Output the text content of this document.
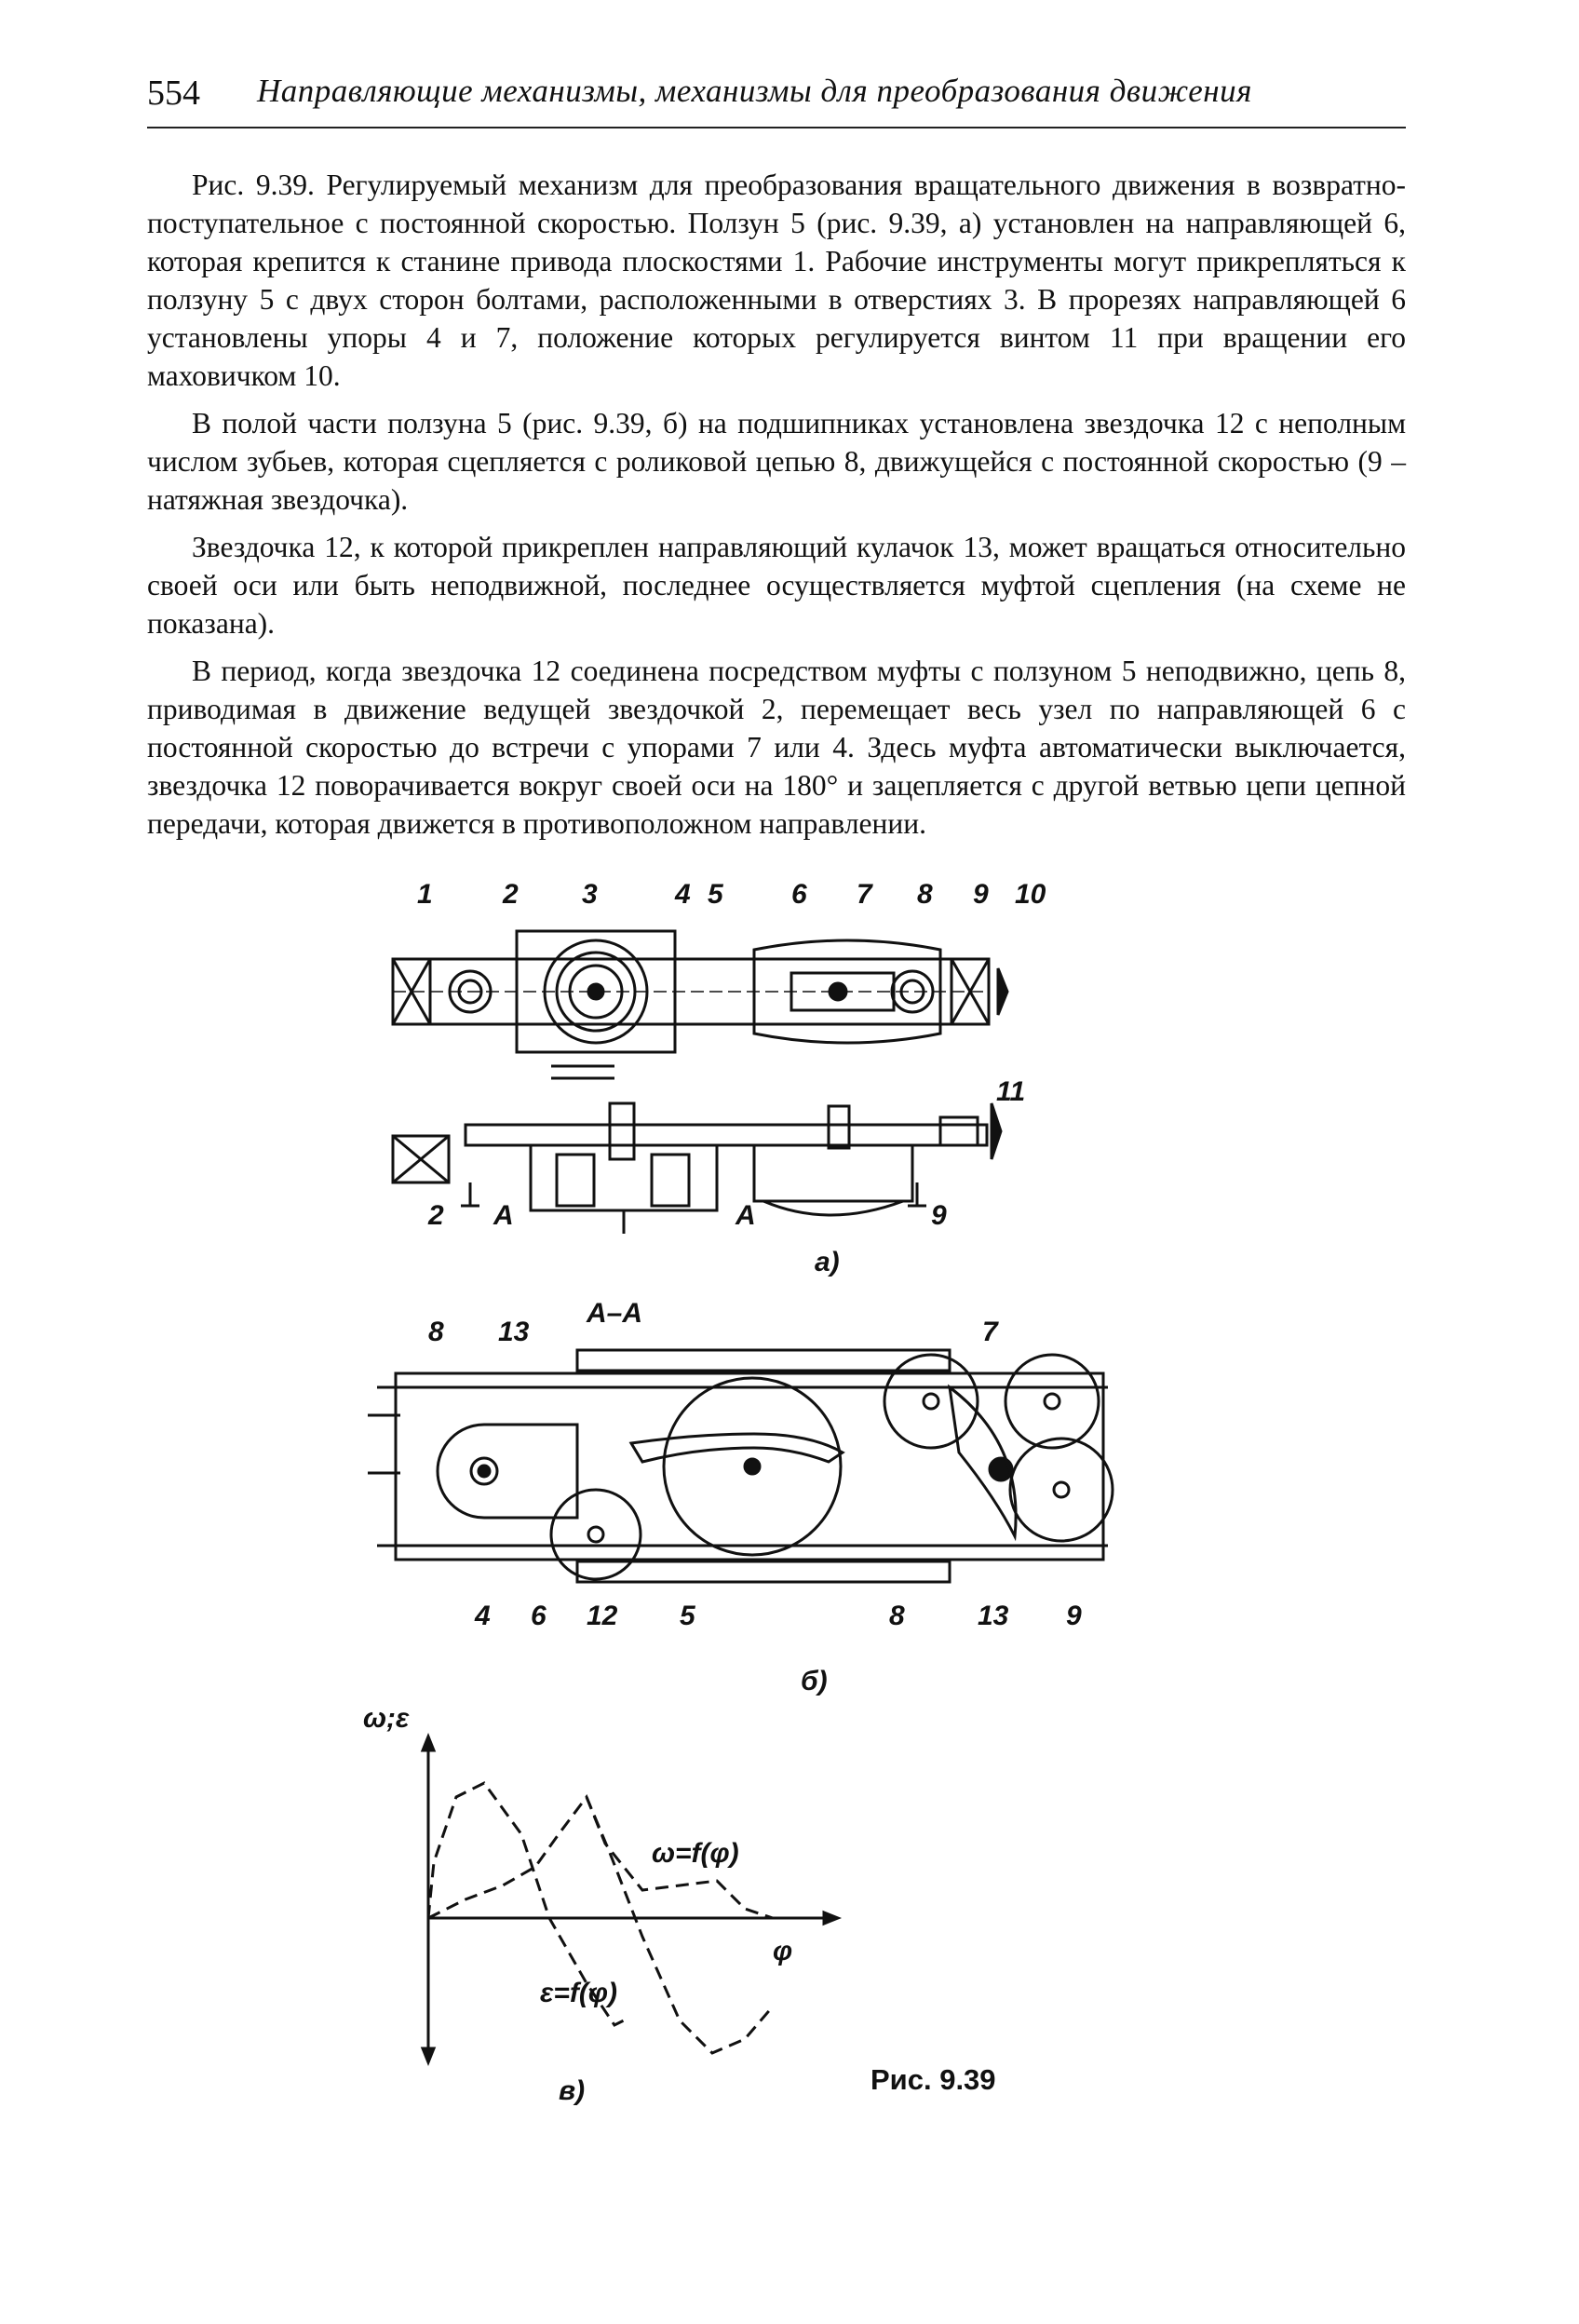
554 Направляющие механизмы, механизмы для преобразования движения

Рис. 9.39. Регулируемый механизм для преобразования вращательного движения в возвратно-поступательное с постоянной скоростью. Ползун 5 (рис. 9.39, а) установлен на направляющей 6, которая крепится к станине привода плоскостями 1. Рабочие инструменты могут прикрепляться к ползуну 5 с двух сторон болтами, расположенными в отверстиях 3. В прорезях направляющей 6 установлены упоры 4 и 7, положение которых регулируется винтом 11 при вращении его маховичком 10.

В полой части ползуна 5 (рис. 9.39, б) на подшипниках установлена звездочка 12 с неполным числом зубьев, которая сцепляется с роликовой цепью 8, движущейся с постоянной скоростью (9 – натяжная звездочка).

Звездочка 12, к которой прикреплен направляющий кулачок 13, может вращаться относительно своей оси или быть неподвижной, последнее осуществляется муфтой сцепления (на схеме не показана).

В период, когда звездочка 12 соединена посредством муфты с ползуном 5 неподвижно, цепь 8, приводимая в движение ведущей звездочкой 2, перемещает весь узел по направляющей 6 с постоянной скоростью до встречи с упорами 7 или 4. Здесь муфта автоматически выключается, звездочка 12 поворачивается вокруг своей оси на 180° и зацепляется с другой ветвью цепи цепной передачи, которая движется в противоположном направлении.

1	2 3	4 5 6 7 8 9 10
11
2 A	A	9
а)
А–А
8 13	7
4 6 12 5	8	13 9
б)
ω;ε
φ
ω=f(φ)
ε=f(φ)
в)	Рис. 9.39
